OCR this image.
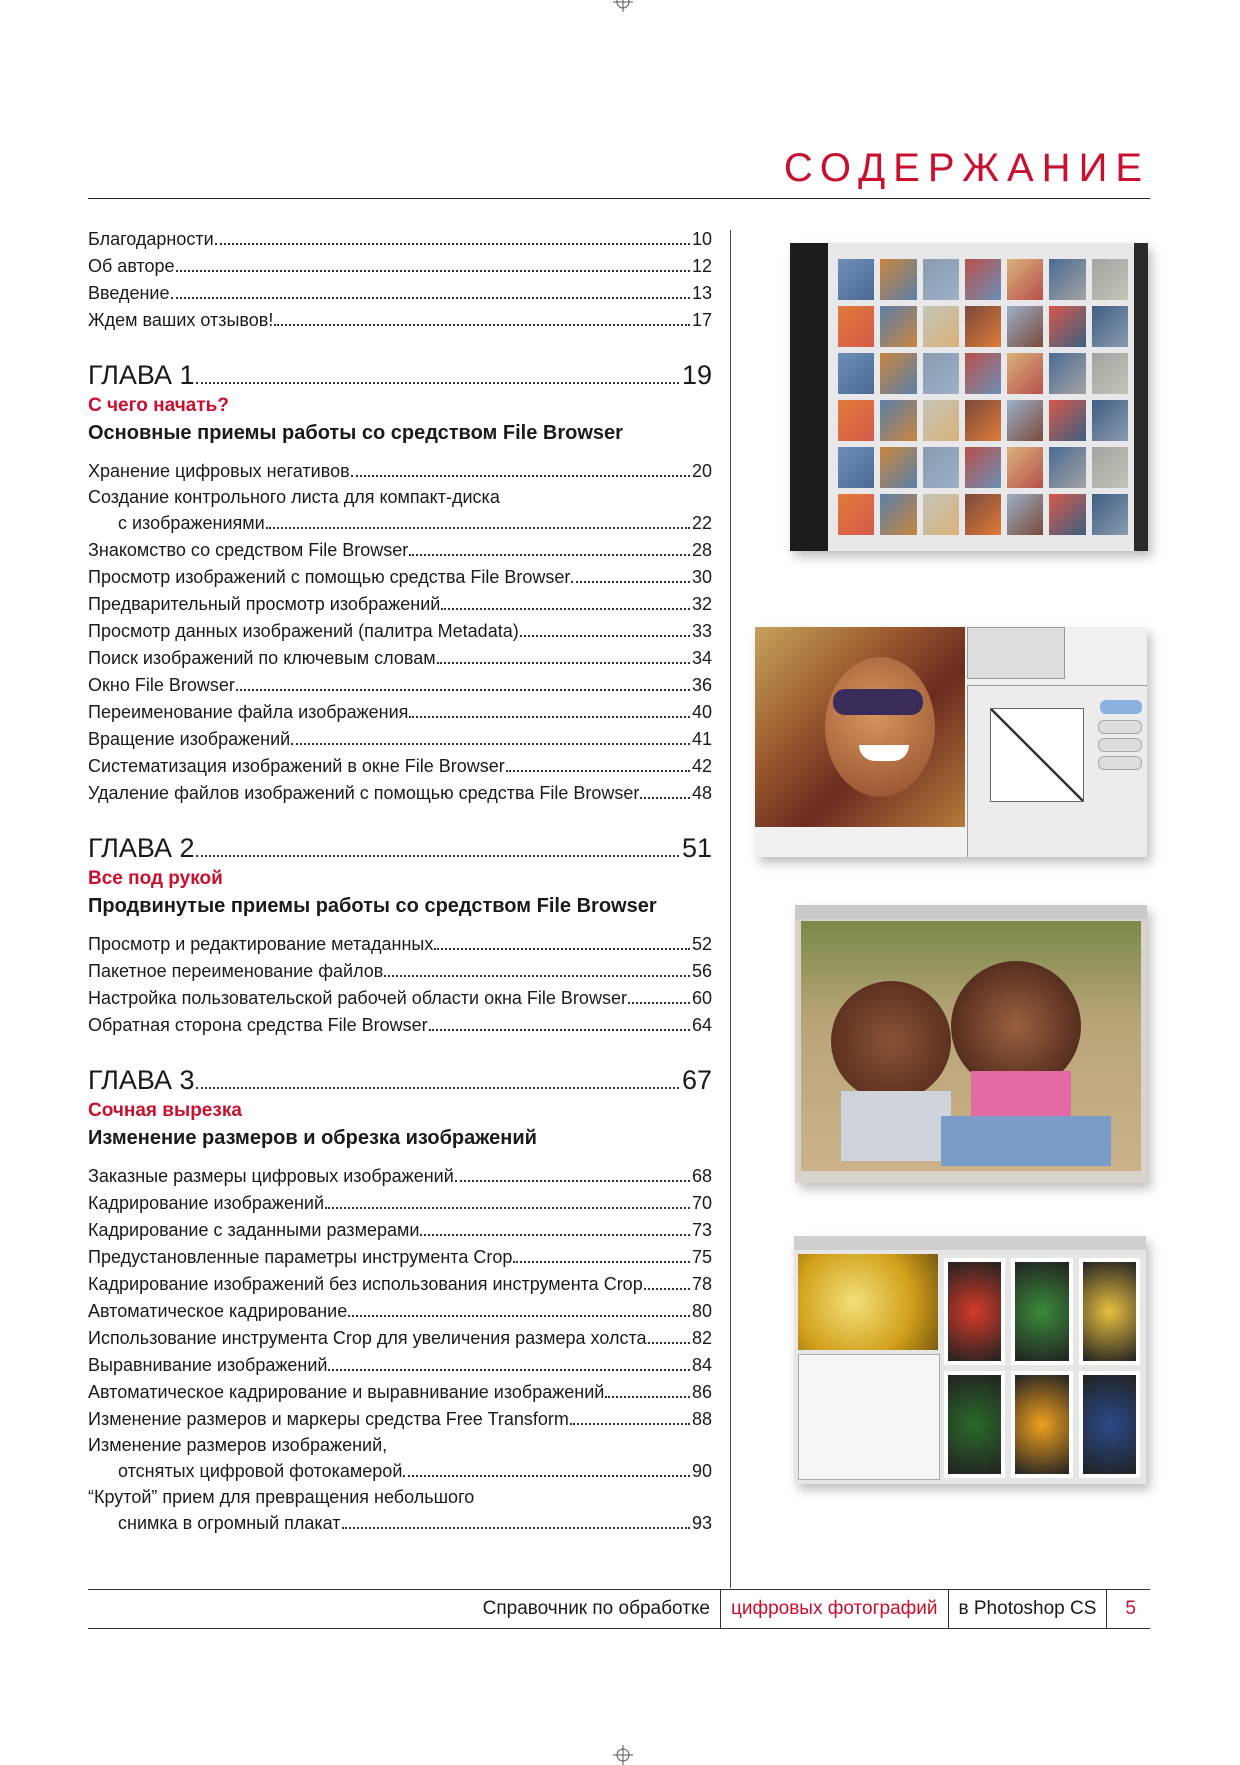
СОДЕРЖАНИЕ
Благодарности	10
Об авторе	12
Введение	13
Ждем ваших отзывов!	17
ГЛАВА 1	19
С чего начать?
Основные приемы работы со средством File Browser
Хранение цифровых негативов	20
Создание контрольного листа для компакт-диска
с изображениями	22
Знакомство со средством File Browser	28
Просмотр изображений с помощью средства File Browser	30
Предварительный просмотр изображений	32
Просмотр данных изображений (палитра Metadata)	33
Поиск изображений по ключевым словам	34
Окно File Browser	36
Переименование файла изображения	40
Вращение изображений	41
Систематизация изображений в окне File Browser	42
Удаление файлов изображений с помощью средства File Browser	48
ГЛАВА 2	51
Все под рукой
Продвинутые приемы работы со средством File Browser
Просмотр и редактирование метаданных	52
Пакетное переименование файлов	56
Настройка пользовательской рабочей области окна File Browser	60
Обратная сторона средства File Browser	64
ГЛАВА 3	67
Сочная вырезка
Изменение размеров и обрезка изображений
Заказные размеры цифровых изображений	68
Кадрирование изображений	70
Кадрирование с заданными размерами	73
Предустановленные параметры инструмента Crop	75
Кадрирование изображений без использования инструмента Crop	78
Автоматическое кадрирование	80
Использование инструмента Crop для увеличения размера холста	82
Выравнивание изображений	84
Автоматическое кадрирование и выравнивание изображений	86
Изменение размеров и маркеры средства Free Transform	88
Изменение размеров изображений,
отснятых цифровой фотокамерой	90
“Крутой” прием для превращения небольшого
снимка в огромный плакат	93
Справочник по обработке	цифровых фотографий	в Photoshop CS	5
